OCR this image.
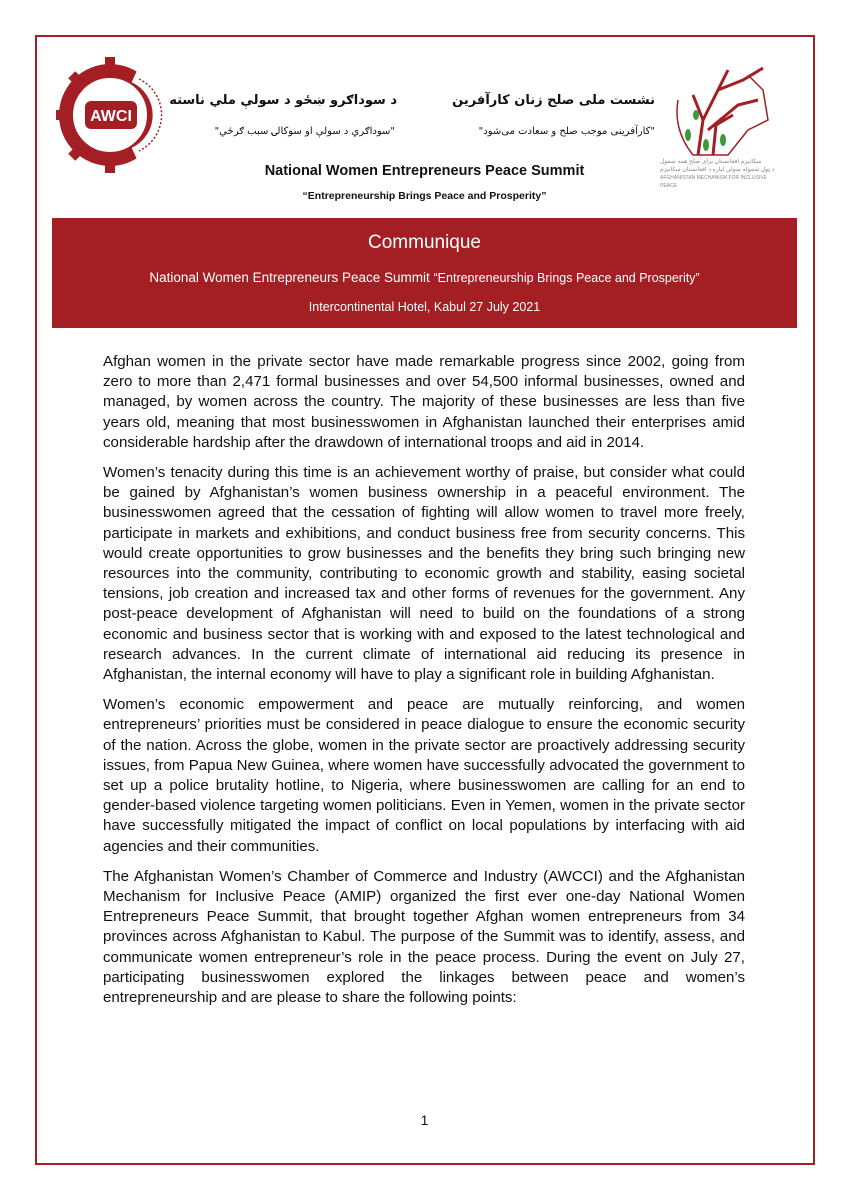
AWCI
د سوداګرو ښځو د سولې ملي ناسته
"سوداګري د سولې او سوکالۍ سبب ګرځي"
نشست ملی صلح زنان کارآفرین
"کارآفرینی موجب صلح و سعادت می‌شود"
میکانیزم افغانستان برای صلح همه شمول
د ټول شموله سولې لپاره د افغانستان میکانیزم
AFGHANISTAN MECHANISM FOR INCLUSIVE PEACE
National Women Entrepreneurs Peace Summit
“Entrepreneurship Brings Peace and Prosperity”
Communique
National Women Entrepreneurs Peace Summit “Entrepreneurship Brings Peace and Prosperity”
Intercontinental Hotel, Kabul 27 July 2021

Afghan women in the private sector have made remarkable progress since 2002, going from zero to more than 2,471 formal businesses and over 54,500 informal businesses, owned and managed, by women across the country. The majority of these businesses are less than five years old, meaning that most businesswomen in Afghanistan launched their enterprises amid considerable hardship after the drawdown of international troops and aid in 2014.

Women’s tenacity during this time is an achievement worthy of praise, but consider what could be gained by Afghanistan’s women business ownership in a peaceful environment. The businesswomen agreed that the cessation of fighting will allow women to travel more freely, participate in markets and exhibitions, and conduct business free from security concerns. This would create opportunities to grow businesses and the benefits they bring such bringing new resources into the community, contributing to economic growth and stability, easing societal tensions, job creation and increased tax and other forms of revenues for the government. Any post-peace development of Afghanistan will need to build on the foundations of a strong economic and business sector that is working with and exposed to the latest technological and research advances. In the current climate of international aid reducing its presence in Afghanistan, the internal economy will have to play a significant role in building Afghanistan.

Women’s economic empowerment and peace are mutually reinforcing, and women entrepreneurs’ priorities must be considered in peace dialogue to ensure the economic security of the nation. Across the globe, women in the private sector are proactively addressing security issues, from Papua New Guinea, where women have successfully advocated the government to set up a police brutality hotline, to Nigeria, where businesswomen are calling for an end to gender-based violence targeting women politicians. Even in Yemen, women in the private sector have successfully mitigated the impact of conflict on local populations by interfacing with aid agencies and their communities.

The Afghanistan Women’s Chamber of Commerce and Industry (AWCCI) and the Afghanistan Mechanism for Inclusive Peace (AMIP) organized the first ever one-day National Women Entrepreneurs Peace Summit, that brought together Afghan women entrepreneurs from 34 provinces across Afghanistan to Kabul. The purpose of the Summit was to identify, assess, and communicate women entrepreneur’s role in the peace process. During the event on July 27, participating businesswomen explored the linkages between peace and women’s entrepreneurship and are please to share the following points:

1
